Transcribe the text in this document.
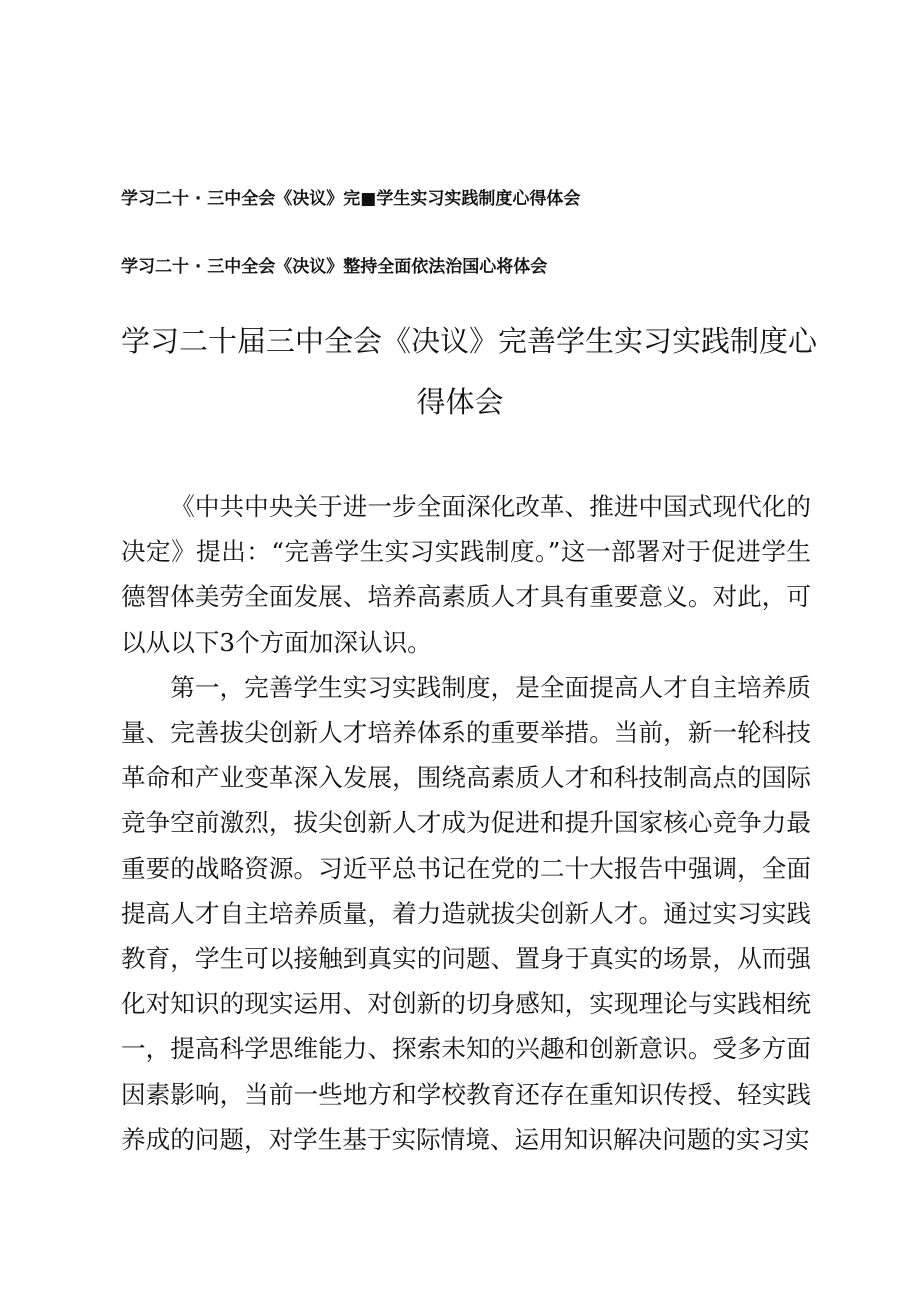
学习二十 · 三中全会《决议》完■学生实习实践制度心得体会
学习二十 · 三中全会《决议》整持全面依法治国心将体会
学习二十届三中全会《决议》完善学生实习实践制度心
得体会

《中共中央关于进一步全面深化改革、推进中国式现代化的决定》提出：“完善学生实习实践制度。”这一部署对于促进学生德智体美劳全面发展、培养高素质人才具有重要意义。对此，可以从以下3个方面加深认识。

第一，完善学生实习实践制度，是全面提高人才自主培养质量、完善拔尖创新人才培养体系的重要举措。当前，新一轮科技革命和产业变革深入发展，围绕高素质人才和科技制高点的国际竞争空前激烈，拔尖创新人才成为促进和提升国家核心竞争力最重要的战略资源。习近平总书记在党的二十大报告中强调，全面提高人才自主培养质量，着力造就拔尖创新人才。通过实习实践教育，学生可以接触到真实的问题、置身于真实的场景，从而强化对知识的现实运用、对创新的切身感知，实现理论与实践相统一，提高科学思维能力、探索未知的兴趣和创新意识。受多方面因素影响，当前一些地方和学校教育还存在重知识传授、轻实践养成的问题，对学生基于实际情境、运用知识解决问题的实习实
